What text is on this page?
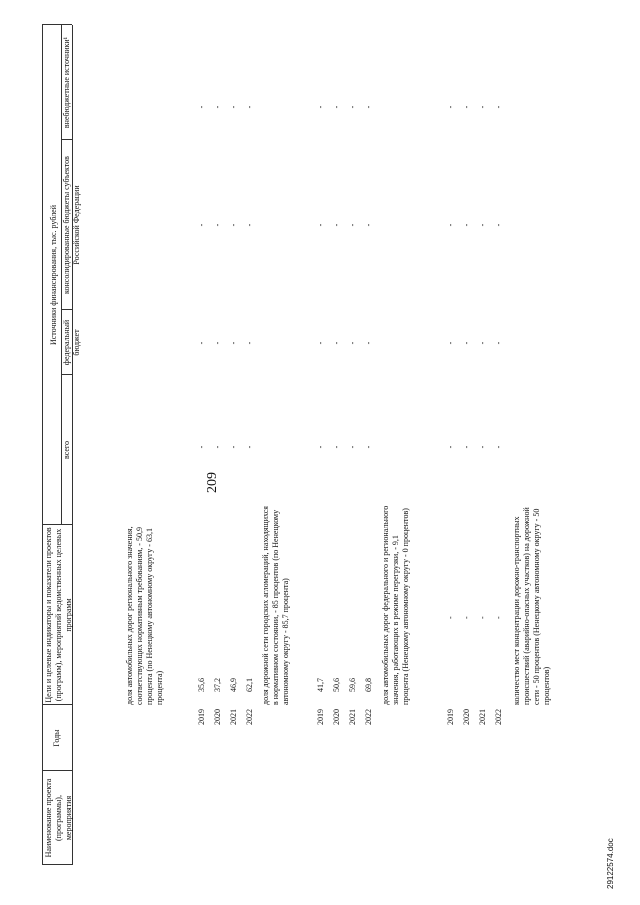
209
29122574.doc
Наименование проекта (программы), мероприятия
Годы
Цели и целевые индикаторы и показатели проектов (программ), мероприятий ведомственных целевых программ
Источники финансирования, тыс. рублей
всего
федеральный бюджет
консолидированные бюджеты субъектов Российской Федерации
внебюджетные источники¹
доля автомобильных дорог регионального значения, соответствующих нормативным требованиям, - 50,9 процента (по Ненецкому автономному округу - 63,1 процента)
2019 2020 2021 2022
35,6 37,2 46,9 62,1
- - - -
- - - -
- - - -
- - - -
доля дорожной сети городских агломераций, находящихся в нормативном состоянии, - 85 процентов (по Ненецкому автономному округу - 85,7 процента)
2019 2020 2021 2022
41,7 50,6 59,6 69,8
- - - -
- - - -
- - - -
- - - -
доля автомобильных дорог федерального и регионального значения, работающих в режиме перегрузки, - 9,1 процента (Ненецкому автономному округу - 0 процентов)
2019 2020 2021 2022
- - - -
- - - -
- - - -
- - - -
- - - -
количество мест концентрации дорожно-транспортных происшествий (аварийно-опасных участков) на дорожной сети - 50 процентов (Ненецкому автономному округу - 50 процентов)
